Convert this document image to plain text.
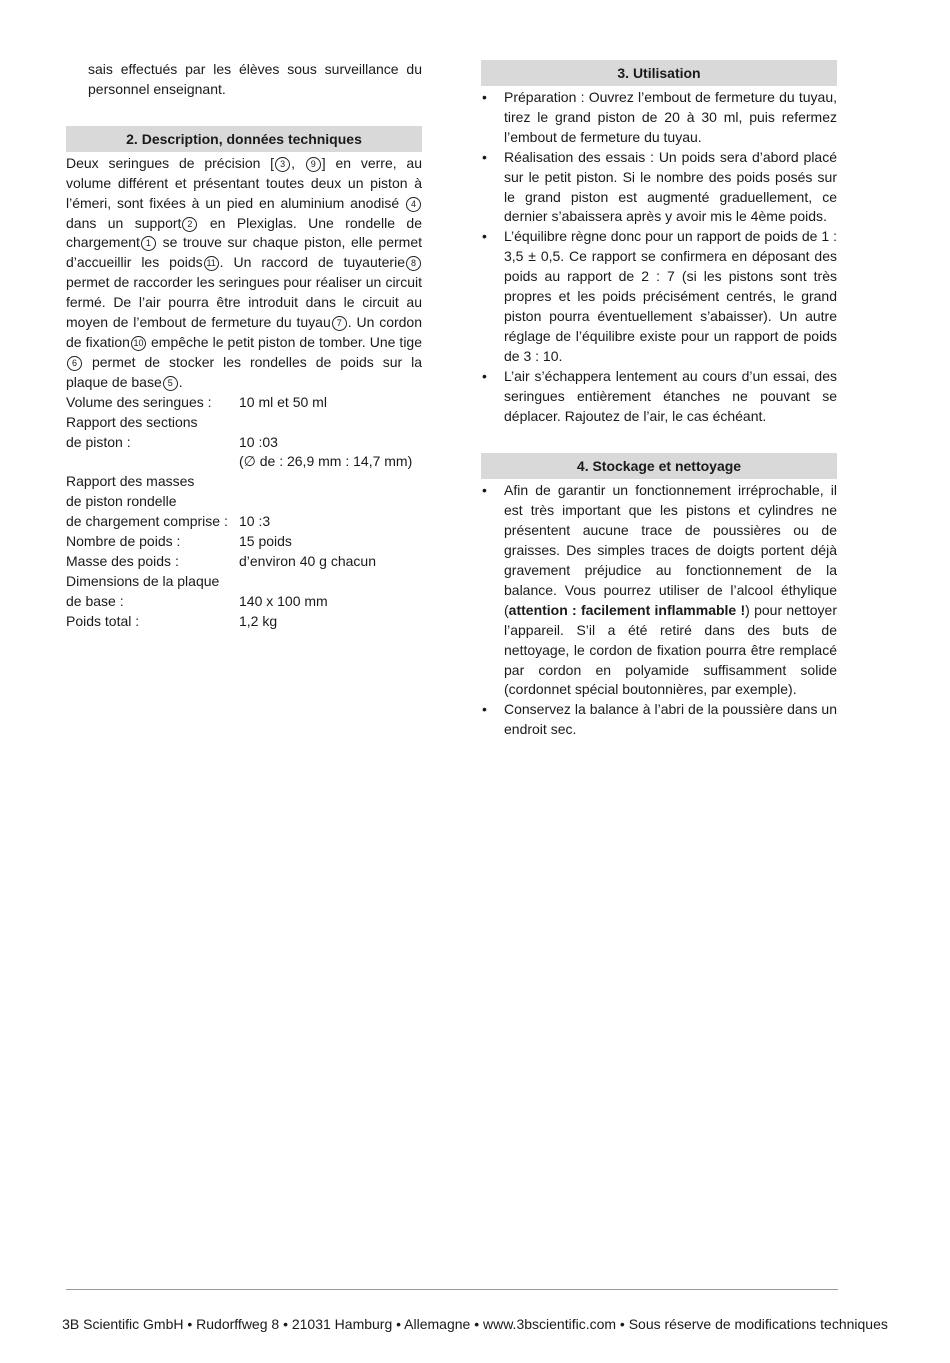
sais effectués par les élèves sous surveillance du personnel enseignant.

2. Description, données techniques

Deux seringues de précision [ 3 , 9 ] en verre, au volume différent et présentant toutes deux un piston à l’émeri, sont fixées à un pied en aluminium anodisé 4 dans un support 2 en Plexiglas. Une rondelle de chargement 1 se trouve sur chaque piston, elle permet d’accueillir les poids 11 . Un raccord de tuyauterie 8 permet de raccorder les seringues pour réaliser un circuit fermé. De l’air pourra être introduit dans le circuit au moyen de l’embout de fermeture du tuyau 7 . Un cordon de fixation 10 empêche le petit piston de tomber. Une tige6 permet de stocker les rondelles de poids sur la plaque de base 5 .

Volume des seringues :	10 ml et 50 ml
Rapport des sections
de piston :	10 :03
(∅ de : 26,9 mm : 14,7 mm)
Rapport des masses
de piston rondelle
de chargement comprise : 10 :3
Nombre de poids :	15 poids
Masse des poids :	d’environ 40 g chacun
Dimensions de la plaque
de base :	140 x 100 mm
Poids total :	1,2 kg
3. Utilisation
•	Préparation : Ouvrez l’embout de fermeture du tuyau, tirez le grand piston de 20 à 30 ml, puis refermez l’embout de fermeture du tuyau.
•	Réalisation des essais : Un poids sera d’abord placé sur le petit piston. Si le nombre des poids posés sur le grand piston est augmenté graduellement, ce dernier s’abaissera après y avoir mis le 4ème poids.
•	L’équilibre règne donc pour un rapport de poids de 1 : 3,5 ± 0,5. Ce rapport se confirmera en déposant des poids au rapport de 2 : 7 (si les pistons sont très propres et les poids précisément centrés, le grand piston pourra éventuellement s’abaisser). Un autre réglage de l’équilibre existe pour un rapport de poids de 3 : 10.
•	L’air s’échappera lentement au cours d’un essai, des seringues entièrement étanches ne pouvant se déplacer. Rajoutez de l’air, le cas échéant.
4. Stockage et nettoyage
•	Afin de garantir un fonctionnement irréprochable, il est très important que les pistons et cylindres ne présentent aucune trace de poussières ou de graisses. Des simples traces de doigts portent déjà gravement préjudice au fonctionnement de la balance. Vous pourrez utiliser de l’alcool éthylique (attention : facilement inflammable !) pour nettoyer l’appareil. S’il a été retiré dans des buts de nettoyage, le cordon de fixation pourra être remplacé par cordon en polyamide suffisamment solide (cordonnet spécial boutonnières, par exemple).
•	Conservez la balance à l’abri de la poussière dans un endroit sec.
3B Scientific GmbH • Rudorffweg 8 • 21031 Hamburg • Allemagne • www.3bscientific.com • Sous réserve de modifications techniques
